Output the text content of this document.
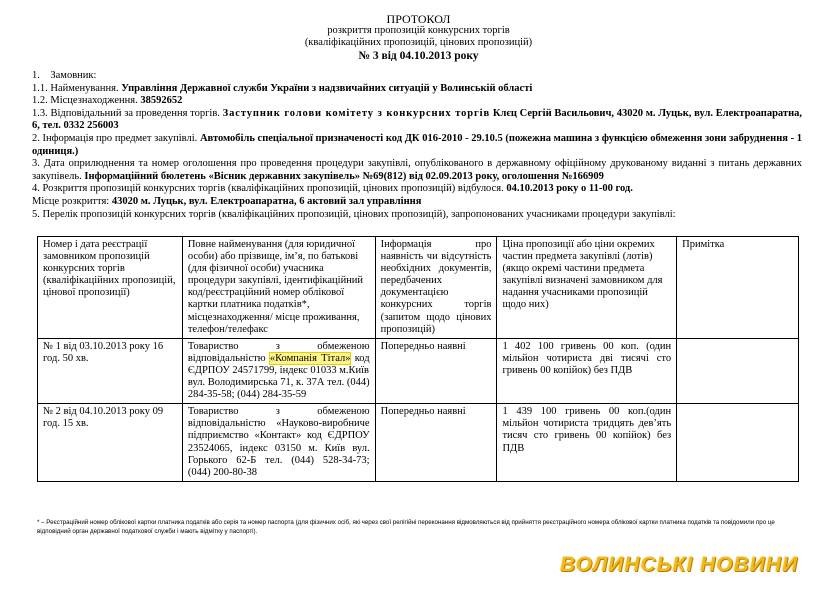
ПРОТОКОЛ
розкриття пропозицій конкурсних торгів
(кваліфікаційних пропозицій, цінових пропозицій)
№ 3 від 04.10.2013 року

1.    Замовник:

1.1. Найменування. Управління Державної служби України з надзвичайних ситуацій у Волинській області

1.2. Місцезнаходження. 38592652

1.3. Відповідальний за проведення торгів. Заступник голови комітету з конкурсних торгів Клєц Сергій Васильович, 43020 м. Луцьк, вул. Електроапаратна, 6, тел. 0332 256003

2. Інформація про предмет закупівлі. Автомобіль спеціальної призначеності код ДК 016-2010 - 29.10.5 (пожежна машина з функцією обмеження зони забруднення - 1 одиниця.)

3. Дата оприлюднення та номер оголошення про проведення процедури закупівлі, опублікованого в державному офіційному друкованому виданні з питань державних закупівель. Інформаційний бюлетень «Вісник державних закупівель» №69(812) від 02.09.2013 року, оголошення №166909

4. Розкриття пропозицій конкурсних торгів (кваліфікаційних пропозицій, цінових пропозицій) відбулося. 04.10.2013 року о 11-00 год.

Місце розкриття: 43020 м. Луцьк, вул. Електроапаратна, 6 актовий зал управління

5. Перелік пропозицій конкурсних торгів (кваліфікаційних пропозицій, цінових пропозицій), запропонованих учасниками процедури закупівлі:

Номер і дата реєстрації замовником пропозицій конкурсних торгів (кваліфікаційних пропозицій, цінової пропозиції)	Повне найменування (для юридичної особи) або прізвище, ім’я, по батькові (для фізичної особи) учасника процедури закупівлі, ідентифікаційний код/реєстраційний номер облікової картки платника податків*, місцезнаходження/ місце проживання, телефон/телефакс	Інформація про наявність чи відсутність необхідних документів, передбачених документацією конкурсних торгів (запитом щодо цінових пропозицій)	Ціна пропозиції або ціни окремих частин предмета закупівлі (лотів) (якщо окремі частини предмета закупівлі визначені замовником для надання учасниками пропозицій щодо них)	Примітка
№ 1 від 03.10.2013 року 16 год. 50 хв.	Товариство з обмеженою відповідальністю «Компанія Тітал» код ЄДРПОУ 24571799, індекс 01033 м.Київ
вул. Володимирська 71, к. 37А тел. (044) 284-35-58; (044) 284-35-59	Попередньо наявні	1 402 100 гривень 00 коп. (один мільйон чотириста дві тисячі сто гривень 00 копійок) без ПДВ	
№ 2 від 04.10.2013 року 09 год. 15 хв.	Товариство з обмеженою відповідальністю «Науково-виробниче підприємство «Контакт» код ЄДРПОУ 23524065, індекс 03150 м. Київ вул. Горького 62-Б тел. (044) 528-34-73; (044) 200-80-38	Попередньо наявні	1 439 100 гривень 00 коп.(один мільйон чотириста тридцять дев’ять тисяч сто гривень 00 копійок) без ПДВ	
* – Реєстраційний номер облікової картки платника податків або серія та номер паспорта (для фізичних осіб, які через свої релігійні переконання відмовляються від прийняття реєстраційного номера облікової картки платника податків та повідомили про це відповідний орган державної податкової служби і мають відмітку у паспорті).
ВОЛИНСЬКІ НОВИНИ
